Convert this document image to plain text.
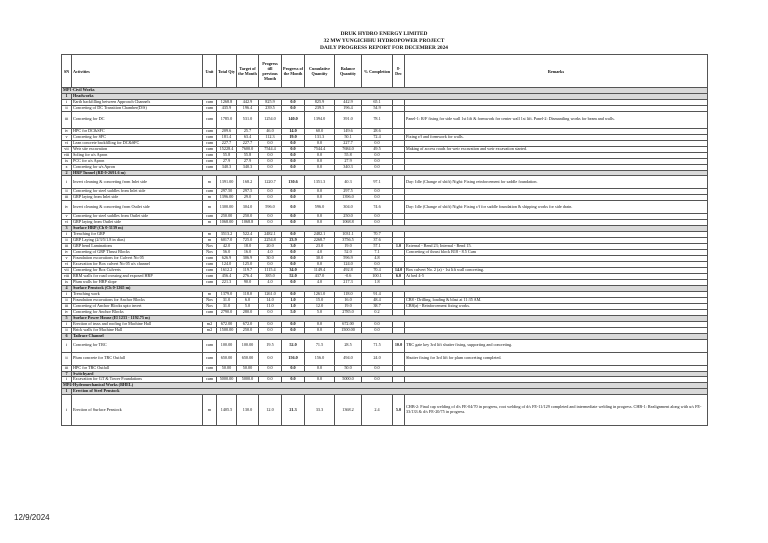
DRUK HYDRO ENERGY LIMITED
32 MW YUNGICHHU HYDROPOWER PROJECT
DAILY PROGRESS REPORT FOR DECEMBER 2024
SN	Activities	Unit	Total Qty	Target of the Month	Progress till previous Month	Progress of the Month	Cumulative Quantity	Balance Quantity	% Completion	8-Dec	Remarks
MP1-Civil Works											
1	Headworks										
i	Earth backfilling between Approach Channels	cum	1268.8	442.9	825.9	0.0	825.9	442.9	65.1		
ii	Concreting of DC Transition Chamber(D/S)	cum	435.9	196.4	239.5	0.0	239.5	196.4	54.9		
iii	Concreting for DC	cum	1785.0	531.0	1254.0	140.0	1394.0	391.0	78.1		Panel-1: R/F fixing for side wall 1st lift & formwork for center wall 1st lift. Panel-2: Dismantling works for beam and walls.
iv	HPC for DC&SFC	cum	209.6	25.7	46.0	14.0	60.0	149.6	28.6		
v	Concreting for SFC	cum	181.4	63.4	112.3	19.0	131.3	50.1	72.4		Fixing r/f and formwork for walls.
vi	Lean concrete backfilling for DC&SFC	cum	227.7	227.7	0.0	0.0	0.0	227.7	0.0		
vii	Weir site excavation	cum	15228.4	7600.0	7544.4	0.0	7544.4	7684.0	49.5		Making of access roads for weir excavation and weir excavation started.
viii	Soling for u/s Apron	cum	55.8	55.8	0.0	0.0	0.0	55.8	0.0		
ix	PCC for u/s Apron	cum	27.9	27.9	0.0	0.0	0.0	27.9	0.0		
x	Concreting for u/s Apron	cum	340.3	340.3	0.0	0.0	0.0	340.3	0.0		
2	HRP Tunnel (RD 0-2691.6 m)										
i	Invert cleaning & concreting from Inlet side	m	1391.00	168.2	1220.7	130.6	1351.3	40.3	97.1		Day: Idle (Change of shift) Night: Fixing reinforcement for saddle foundation.
ii	Concreting for steel saddles from Inlet side	cum	297.50	297.5	0.0	0.0	0.0	297.5	0.0		
iii	GRP laying from Inlet side	m	1396.00	29.0	0.0	0.0	0.0	1396.0	0.0		
iv	Invert cleaning & concreting from Outlet side	m	1300.00	304.0	596.0	0.0	596.0	304.0	74.6		Day: Idle (Change of shift) Night: Fixing r/f for saddle foundation & shipping works for side drain.
v	Concreting for steel saddles from Outlet side	cum	250.00	250.0	0.0	0.0	0.0	250.0	0.0		
vi	GRP laying from Outlet side	m	1068.00	1068.8	0.0	0.0	0.0	1068.8	0.0		
3	Surface HRP (Ch 0-3139 m)										
i	Trenching for GRP	m	3513.2	522.4	2482.1	0.0	2482.1	1031.1	70.7		
ii	GRP Laying (2/3/5/1.8 in dias)	m	6017.0	725.0	2254.8	23.9	2268.7	3756.5	37.6		
iii	GRP bend Laminations	Nos	42.0	18.0	20.0	3.0	23.0	19.0	57.1	1.0	External - Bend 23; Internal - Bend 15.
iv	Concreting of GRP Thrust Blocks	Nos	56.0	16.0	4.0	0.0	4.0	52.0	7.1		Concreting of thrust block B18 - 8.5 Cum
v	Foundation excavations for Culvert No 05	cum	626.9	306.9	30.0	0.0	30.0	596.9	4.8		
vi	Excavation for Box culvert No 05 u/s channel	cum	124.0	125.0	0.0	0.0	0.0	124.0	0.0		
vii	Concreting for Box Culverts	cum	1612.2	119.7	1115.4	34.0	1149.4	492.8	70.4	14.0	Box culvert No. 2 (a) - 1st lift wall concreting.
viii	RRM walls for road crossing and exposed HRP	cum	456.4	276.4	385.0	52.0	437.0	-0.6	100.1	6.0	At bed 4-5
ix	Plum walls for HRP slope	cum	221.3	90.0	4.0	0.0	4.0	217.3	1.8		
4	Surface Penstock (Ch 0-1265 m)										
i	Trenching work	m	1379.0	118.0	1261.0	0.0	1261.0	118.0	91.4		
ii	Foundation excavations for Anchor Blocks	Nos	31.0	6.0	14.0	1.0	15.0	16.0	48.4		CB8 - Drilling, loading & blast at 11:35 AM.
iii	Concreting of Anchor Blocks upto invert	Nos	31.0	5.0	11.0	1.0	12.0	19.0	38.7		CB8(a) - Reinforcement fixing works.
iv	Concreting for Anchor Blocks	cum	2790.0	280.0	0.0	5.0	5.0	2785.0	0.2		
5	Surface Power House (El 1233 - 1192.75 m)										
i	Erection of truss and roofing for Machine Hall	m2	672.00	672.0	0.0	0.0	0.0	672.00	0.0		
ii	Brick walls for Machine Hall	m2	1500.00	250.0	0.0	0.0	0.0	1500.00	0.0		
6	Tailrace Channel										
i	Concreting for TRC	cum	100.00	100.00	19.5	52.0	71.5	28.5	71.5	10.0	TRC gate key 3rd lift shutter fixing, supporting and concreting.
ii	Plum concrete for TRC Outfall	cum	650.00	650.00	0.0	156.0	156.0	494.0	24.0		Shutter fixing for 3rd lift for plum concreting completed.
iii	HPC for TRC Outfall	cum	50.00	50.00	0.0	0.0	0.0	50.0	0.0		
7	Switchyard										
i	Excavation for GT & Tower Foundations	cum	5000.00	5000.0	0.0	0.0	0.0	5000.0	0.0		
MP4-Hydromechanical Works (BHEL)											
1	Erection of Steel Penstock										
i	Erection of Surface Penstock	m	1405.5	130.0	12.0	21.3	33.3	1368.2	2.4	5.0	CHB-2: Final cap welding of d/s FE-04/70 in progress, root welding of d/s FE-11/129 completed and intermediate welding in progress. CHB-1: Realignment along with u/s FE-33/133 & d/s FE-20/75 in progress.
12/9/2024
